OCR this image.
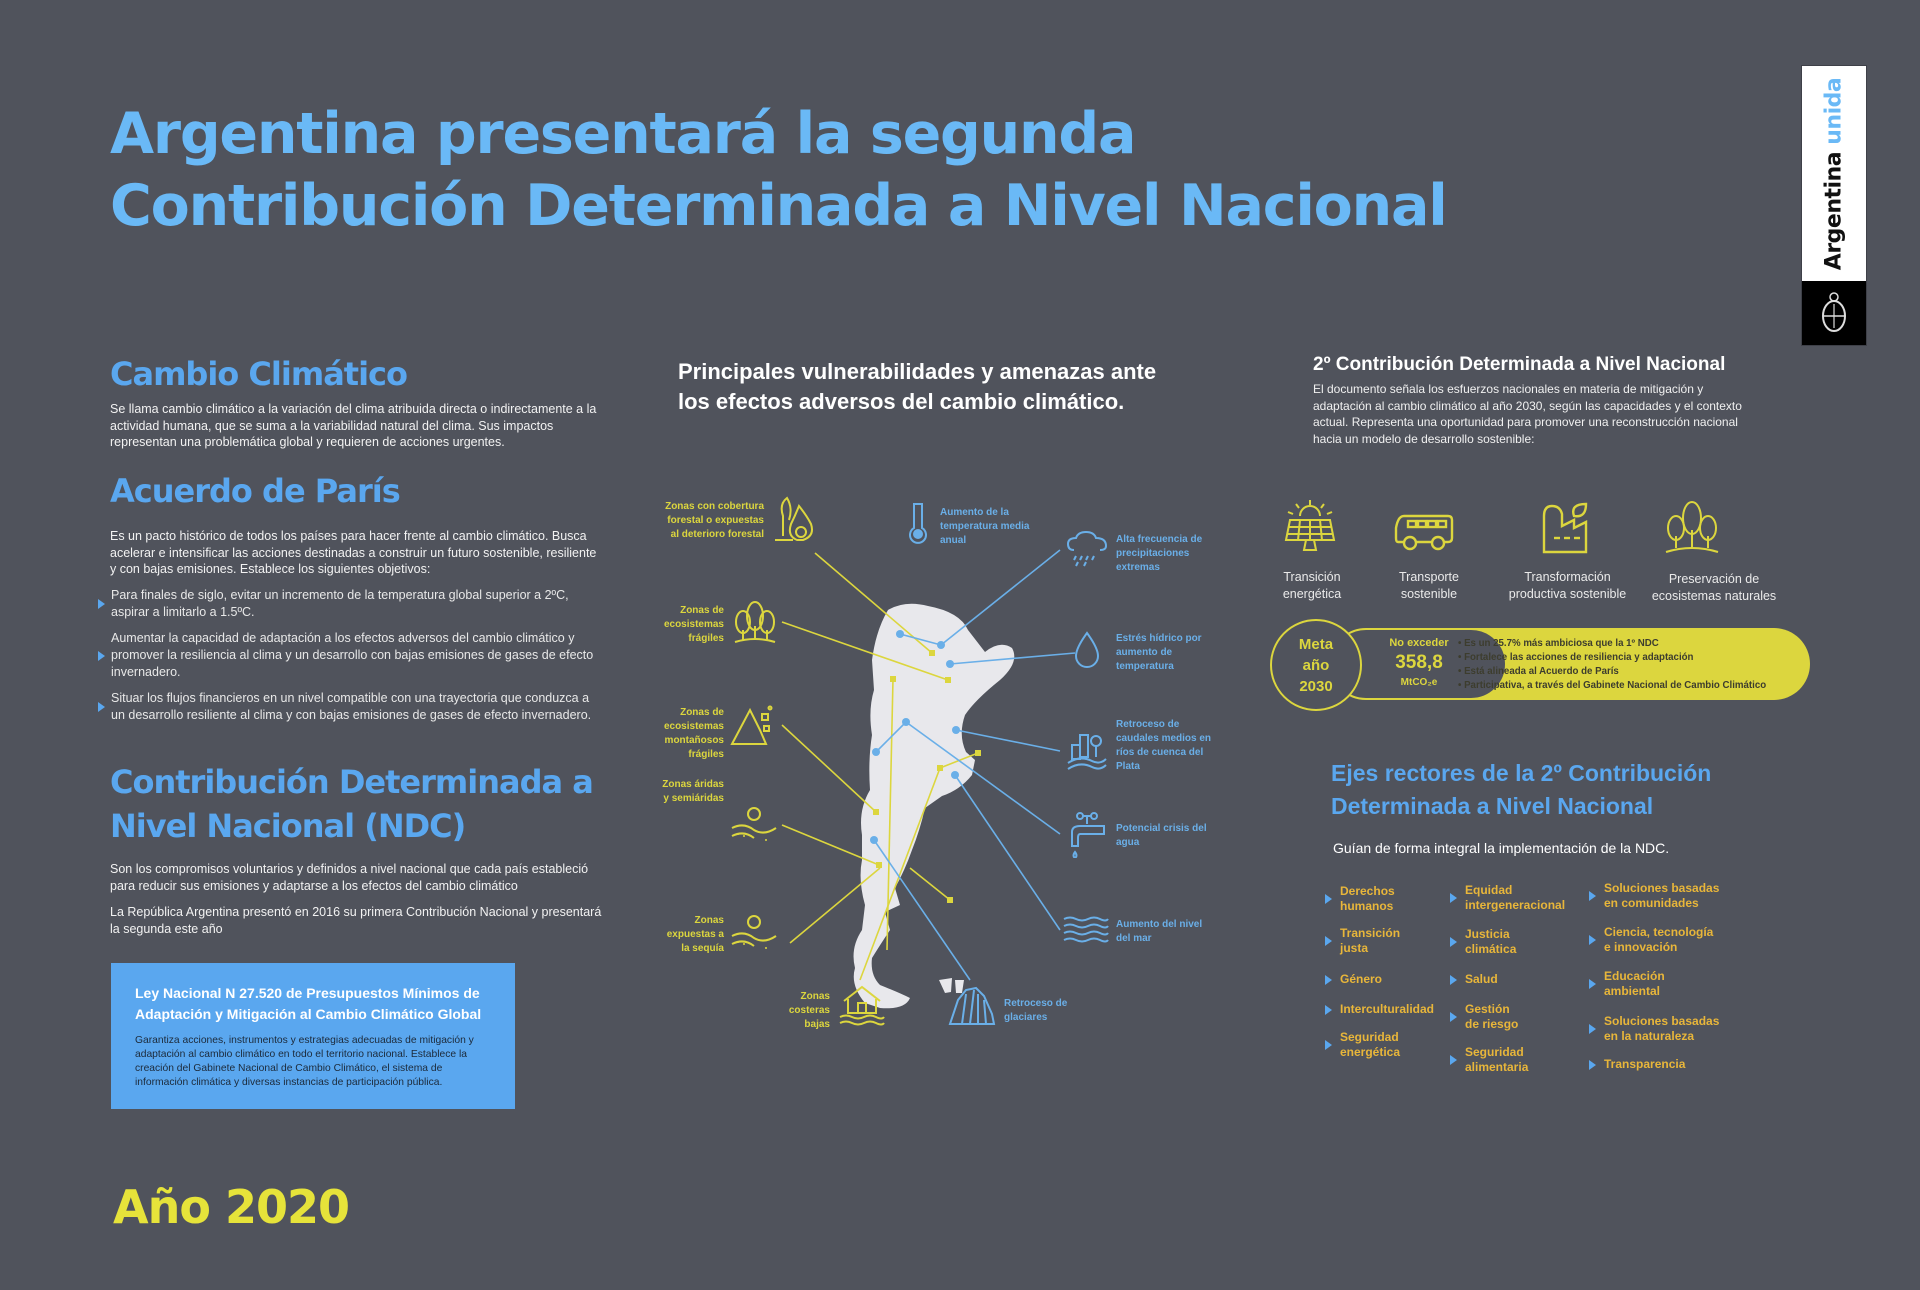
Argentina presentará la segunda
Contribución Determinada a Nivel Nacional	Argentina unida
Cambio Climático
Se llama cambio climático a la variación del clima atribuida directa o indirectamente a la actividad humana, que se suma a la variabilidad natural del clima. Sus impactos representan una problemática global y requieren de acciones urgentes.
Acuerdo de París
Es un pacto histórico de todos los países para hacer frente al cambio climático. Busca acelerar e intensificar las acciones destinadas a construir un futuro sostenible, resiliente y con bajas emisiones. Establece los siguientes objetivos:
Para finales de siglo, evitar un incremento de la temperatura global superior a 2ºC, aspirar a limitarlo a 1.5ºC.
Aumentar la capacidad de adaptación a los efectos adversos del cambio climático y promover la resiliencia al clima y un desarrollo con bajas emisiones de gases de efecto invernadero.
Situar los flujos financieros en un nivel compatible con una trayectoria que conduzca a un desarrollo resiliente al clima y con bajas emisiones de gases de efecto invernadero.
Contribución Determinada a
Nivel Nacional (NDC)
Son los compromisos voluntarios y definidos a nivel nacional que cada país estableció para reducir sus emisiones y adaptarse a los efectos del cambio climático
La República Argentina presentó en 2016 su primera Contribución Nacional y presentará la segunda este año
Ley Nacional N 27.520 de Presupuestos Mínimos de Adaptación y Mitigación al Cambio Climático Global
Garantiza acciones, instrumentos y estrategias adecuadas de mitigación y adaptación al cambio climático en todo el territorio nacional. Establece la creación del Gabinete Nacional de Cambio Climático, el sistema de información climática y diversas instancias de participación pública.
Año 2020
Principales vulnerabilidades y amenazas ante
los efectos adversos del cambio climático.
Zonas con cobertura forestal o expuestas al deterioro forestal
Zonas de ecosistemas frágiles
Zonas de ecosistemas montañosos frágiles
Zonas áridas y semiáridas
Zonas expuestas a la sequía
Zonas costeras bajas
Aumento de la temperatura media anual	Alta frecuencia de precipitaciones extremas
Estrés hídrico por aumento de temperatura
Retroceso de caudales medios en ríos de cuenca del Plata
Potencial crisis del agua
Aumento del nivel del mar
Retroceso de glaciares
2º Contribución Determinada a Nivel Nacional
El documento señala los esfuerzos nacionales en materia de mitigación y adaptación al cambio climático al año 2030, según las capacidades y el contexto actual. Representa una oportunidad para promover una reconstrucción nacional hacia un modelo de desarrollo sostenible:
Transición
energética
Transporte
sostenible
Transformación
productiva sostenible
Preservación de
ecosistemas naturales
Meta
año
2030
No exceder
358,8
MtCO₂e
• Es un 25.7% más ambiciosa que la 1º NDC
• Fortalece las acciones de resiliencia y adaptación
• Está alineada al Acuerdo de París
• Participativa, a través del Gabinete Nacional de Cambio Climático
Ejes rectores de la 2º Contribución
Determinada a Nivel Nacional
Guían de forma integral la implementación de la NDC.
Derechos
humanos
Transición
justa
Género
Interculturalidad
Seguridad
energética
Equidad
intergeneracional
Justicia
climática
Salud
Gestión
de riesgo
Seguridad
alimentaria
Soluciones basadas
en comunidades
Ciencia, tecnología
e innovación
Educación
ambiental
Soluciones basadas
en la naturaleza
Transparencia
